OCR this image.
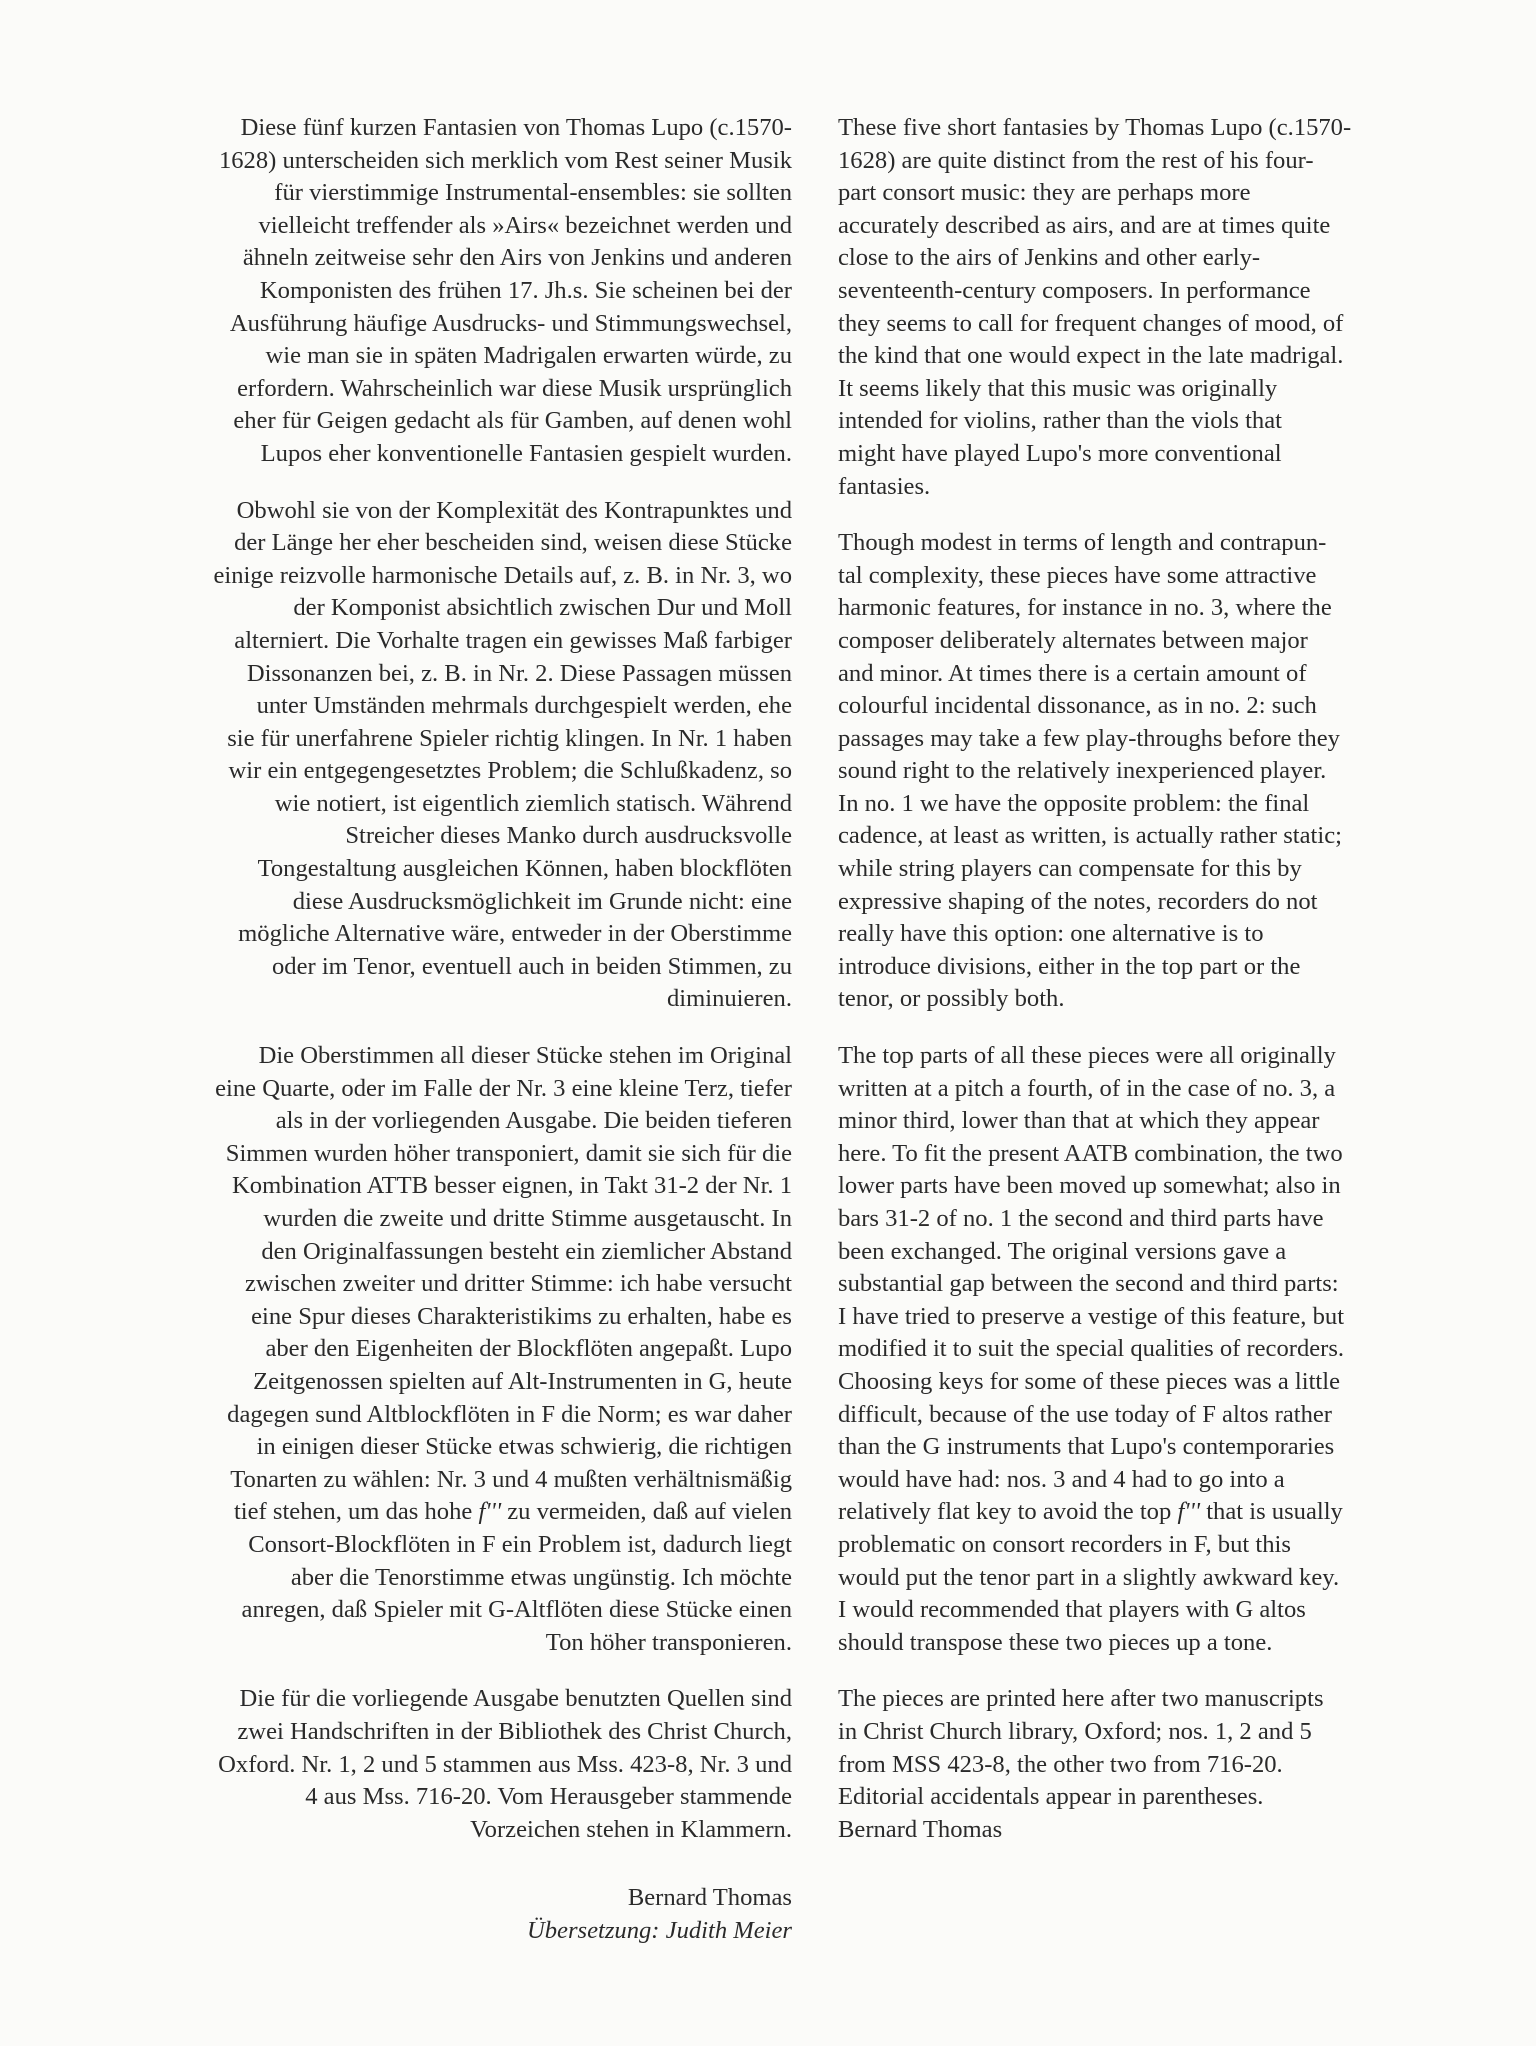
Diese fünf kurzen Fantasien von Thomas Lupo (c.1570-
1628) unterscheiden sich merklich vom Rest seiner Musik
für vierstimmige Instrumental-ensembles: sie sollten
vielleicht treffender als »Airs« bezeichnet werden und
ähneln zeitweise sehr den Airs von Jenkins und anderen
Komponisten des frühen 17. Jh.s. Sie scheinen bei der
Ausführung häufige Ausdrucks- und Stimmungswechsel,
wie man sie in späten Madrigalen erwarten würde, zu
erfordern. Wahrscheinlich war diese Musik ursprünglich
eher für Geigen gedacht als für Gamben, auf denen wohl
Lupos eher konventionelle Fantasien gespielt wurden.
Obwohl sie von der Komplexität des Kontrapunktes und
der Länge her eher bescheiden sind, weisen diese Stücke
einige reizvolle harmonische Details auf, z. B. in Nr. 3, wo
der Komponist absichtlich zwischen Dur und Moll
alterniert. Die Vorhalte tragen ein gewisses Maß farbiger
Dissonanzen bei, z. B. in Nr. 2. Diese Passagen müssen
unter Umständen mehrmals durchgespielt werden, ehe
sie für unerfahrene Spieler richtig klingen. In Nr. 1 haben
wir ein entgegengesetztes Problem; die Schlußkadenz, so
wie notiert, ist eigentlich ziemlich statisch. Während
Streicher dieses Manko durch ausdrucksvolle
Tongestaltung ausgleichen Können, haben blockflöten
diese Ausdrucksmöglichkeit im Grunde nicht: eine
mögliche Alternative wäre, entweder in der Oberstimme
oder im Tenor, eventuell auch in beiden Stimmen, zu
diminuieren.
Die Oberstimmen all dieser Stücke stehen im Original
eine Quarte, oder im Falle der Nr. 3 eine kleine Terz, tiefer
als in der vorliegenden Ausgabe. Die beiden tieferen
Simmen wurden höher transponiert, damit sie sich für die
Kombination ATTB besser eignen, in Takt 31-2 der Nr. 1
wurden die zweite und dritte Stimme ausgetauscht. In
den Originalfassungen besteht ein ziemlicher Abstand
zwischen zweiter und dritter Stimme: ich habe versucht
eine Spur dieses Charakteristikims zu erhalten, habe es
aber den Eigenheiten der Blockflöten angepaßt. Lupo
Zeitgenossen spielten auf Alt-Instrumenten in G, heute
dagegen sund Altblockflöten in F die Norm; es war daher
in einigen dieser Stücke etwas schwierig, die richtigen
Tonarten zu wählen: Nr. 3 und 4 mußten verhältnismäßig
tief stehen, um das hohe f''' zu vermeiden, daß auf vielen
Consort-Blockflöten in F ein Problem ist, dadurch liegt
aber die Tenorstimme etwas ungünstig. Ich möchte
anregen, daß Spieler mit G-Altflöten diese Stücke einen
Ton höher transponieren.
Die für die vorliegende Ausgabe benutzten Quellen sind
zwei Handschriften in der Bibliothek des Christ Church,
Oxford. Nr. 1, 2 und 5 stammen aus Mss. 423-8, Nr. 3 und
4 aus Mss. 716-20. Vom Herausgeber stammende
Vorzeichen stehen in Klammern.
Bernard Thomas
Übersetzung: Judith Meier
These five short fantasies by Thomas Lupo (c.1570-
1628) are quite distinct from the rest of his four-
part consort music: they are perhaps more
accurately described as airs, and are at times quite
close to the airs of Jenkins and other early-
seventeenth-century composers. In performance
they seems to call for frequent changes of mood, of
the kind that one would expect in the late madrigal.
It seems likely that this music was originally
intended for violins, rather than the viols that
might have played Lupo's more conventional
fantasies.
Though modest in terms of length and contrapun-
tal complexity, these pieces have some attractive
harmonic features, for instance in no. 3, where the
composer deliberately alternates between major
and minor. At times there is a certain amount of
colourful incidental dissonance, as in no. 2: such
passages may take a few play-throughs before they
sound right to the relatively inexperienced player.
In no. 1 we have the opposite problem: the final
cadence, at least as written, is actually rather static;
while string players can compensate for this by
expressive shaping of the notes, recorders do not
really have this option: one alternative is to
introduce divisions, either in the top part or the
tenor, or possibly both.
The top parts of all these pieces were all originally
written at a pitch a fourth, of in the case of no. 3, a
minor third, lower than that at which they appear
here. To fit the present AATB combination, the two
lower parts have been moved up somewhat; also in
bars 31-2 of no. 1 the second and third parts have
been exchanged. The original versions gave a
substantial gap between the second and third parts:
I have tried to preserve a vestige of this feature, but
modified it to suit the special qualities of recorders.
Choosing keys for some of these pieces was a little
difficult, because of the use today of F altos rather
than the G instruments that Lupo's contemporaries
would have had: nos. 3 and 4 had to go into a
relatively flat key to avoid the top f''' that is usually
problematic on consort recorders in F, but this
would put the tenor part in a slightly awkward key.
I would recommended that players with G altos
should transpose these two pieces up a tone.
The pieces are printed here after two manuscripts
in Christ Church library, Oxford; nos. 1, 2 and 5
from MSS 423-8, the other two from 716-20.
Editorial accidentals appear in parentheses.
Bernard Thomas
